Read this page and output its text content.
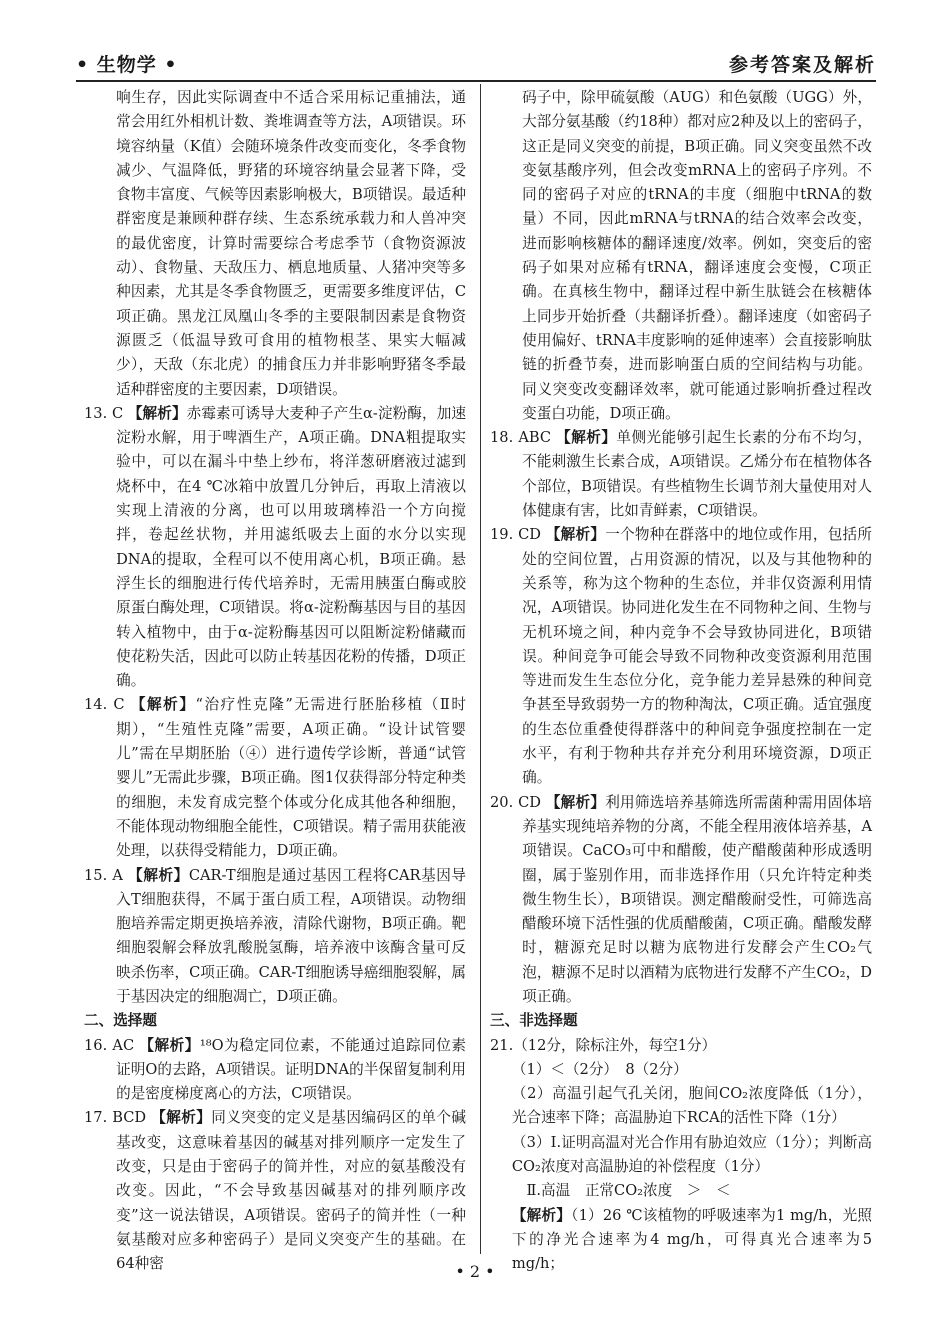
• 生物学 •	参考答案及解析

响生存，因此实际调查中不适合采用标记重捕法，通常会用红外相机计数、粪堆调查等方法，A项错误。环境容纳量（K值）会随环境条件改变而变化，冬季食物减少、气温降低，野猪的环境容纳量会显著下降，受食物丰富度、气候等因素影响极大，B项错误。最适种群密度是兼顾种群存续、生态系统承载力和人兽冲突的最优密度，计算时需要综合考虑季节（食物资源波动）、食物量、天敌压力、栖息地质量、人猪冲突等多种因素，尤其是冬季食物匮乏，更需要多维度评估，C项正确。黑龙江凤凰山冬季的主要限制因素是食物资源匮乏（低温导致可食用的植物根茎、果实大幅减少），天敌（东北虎）的捕食压力并非影响野猪冬季最适种群密度的主要因素，D项错误。

13. C 【解析】赤霉素可诱导大麦种子产生α-淀粉酶，加速淀粉水解，用于啤酒生产，A项正确。DNA粗提取实验中，可以在漏斗中垫上纱布，将洋葱研磨液过滤到烧杯中，在4 ℃冰箱中放置几分钟后，再取上清液以实现上清液的分离，也可以用玻璃棒沿一个方向搅拌，卷起丝状物，并用滤纸吸去上面的水分以实现DNA的提取，全程可以不使用离心机，B项正确。悬浮生长的细胞进行传代培养时，无需用胰蛋白酶或胶原蛋白酶处理，C项错误。将α-淀粉酶基因与目的基因转入植物中，由于α-淀粉酶基因可以阻断淀粉储藏而使花粉失活，因此可以防止转基因花粉的传播，D项正确。

14. C 【解析】“治疗性克隆”无需进行胚胎移植（Ⅱ时期），“生殖性克隆”需要，A项正确。“设计试管婴儿”需在早期胚胎（④）进行遗传学诊断，普通“试管婴儿”无需此步骤，B项正确。图1仅获得部分特定种类的细胞，未发育成完整个体或分化成其他各种细胞，不能体现动物细胞全能性，C项错误。精子需用获能液处理，以获得受精能力，D项正确。

15. A 【解析】CAR-T细胞是通过基因工程将CAR基因导入T细胞获得，不属于蛋白质工程，A项错误。动物细胞培养需定期更换培养液，清除代谢物，B项正确。靶细胞裂解会释放乳酸脱氢酶，培养液中该酶含量可反映杀伤率，C项正确。CAR-T细胞诱导癌细胞裂解，属于基因决定的细胞凋亡，D项正确。

二、选择题

16. AC 【解析】¹⁸O为稳定同位素，不能通过追踪同位素证明O的去路，A项错误。证明DNA的半保留复制利用的是密度梯度离心的方法，C项错误。

17. BCD 【解析】同义突变的定义是基因编码区的单个碱基改变，这意味着基因的碱基对排列顺序一定发生了改变，只是由于密码子的简并性，对应的氨基酸没有改变。因此，“不会导致基因碱基对的排列顺序改变”这一说法错误，A项错误。密码子的简并性（一种氨基酸对应多种密码子）是同义突变产生的基础。在64种密

码子中，除甲硫氨酸（AUG）和色氨酸（UGG）外，大部分氨基酸（约18种）都对应2种及以上的密码子，这正是同义突变的前提，B项正确。同义突变虽然不改变氨基酸序列，但会改变mRNA上的密码子序列。不同的密码子对应的tRNA的丰度（细胞中tRNA的数量）不同，因此mRNA与tRNA的结合效率会改变，进而影响核糖体的翻译速度/效率。例如，突变后的密码子如果对应稀有tRNA，翻译速度会变慢，C项正确。在真核生物中，翻译过程中新生肽链会在核糖体上同步开始折叠（共翻译折叠）。翻译速度（如密码子使用偏好、tRNA丰度影响的延伸速率）会直接影响肽链的折叠节奏，进而影响蛋白质的空间结构与功能。同义突变改变翻译效率，就可能通过影响折叠过程改变蛋白功能，D项正确。

18. ABC 【解析】单侧光能够引起生长素的分布不均匀，不能刺激生长素合成，A项错误。乙烯分布在植物体各个部位，B项错误。有些植物生长调节剂大量使用对人体健康有害，比如青鲜素，C项错误。

19. CD 【解析】一个物种在群落中的地位或作用，包括所处的空间位置，占用资源的情况，以及与其他物种的关系等，称为这个物种的生态位，并非仅资源利用情况，A项错误。协同进化发生在不同物种之间、生物与无机环境之间，种内竞争不会导致协同进化，B项错误。种间竞争可能会导致不同物种改变资源利用范围等进而发生生态位分化，竞争能力差异悬殊的种间竞争甚至导致弱势一方的物种淘汰，C项正确。适宜强度的生态位重叠使得群落中的种间竞争强度控制在一定水平，有利于物种共存并充分利用环境资源，D项正确。

20. CD 【解析】利用筛选培养基筛选所需菌种需用固体培养基实现纯培养物的分离，不能全程用液体培养基，A项错误。CaCO₃可中和醋酸，使产醋酸菌种形成透明圈，属于鉴别作用，而非选择作用（只允许特定种类微生物生长），B项错误。测定醋酸耐受性，可筛选高醋酸环境下活性强的优质醋酸菌，C项正确。醋酸发酵时，糖源充足时以糖为底物进行发酵会产生CO₂气泡，糖源不足时以酒精为底物进行发酵不产生CO₂，D项正确。

三、非选择题

21.（12分，除标注外，每空1分）

（1）＜（2分）　8（2分）

（2）高温引起气孔关闭，胞间CO₂浓度降低（1分），光合速率下降；高温胁迫下RCA的活性下降（1分）

（3）Ⅰ.证明高温对光合作用有胁迫效应（1分）；判断高CO₂浓度对高温胁迫的补偿程度（1分）

Ⅱ.高温　正常CO₂浓度　＞　＜

【解析】（1）26 ℃该植物的呼吸速率为1 mg/h，光照下的净光合速率为4 mg/h，可得真光合速率为5 mg/h；

• 2 •
